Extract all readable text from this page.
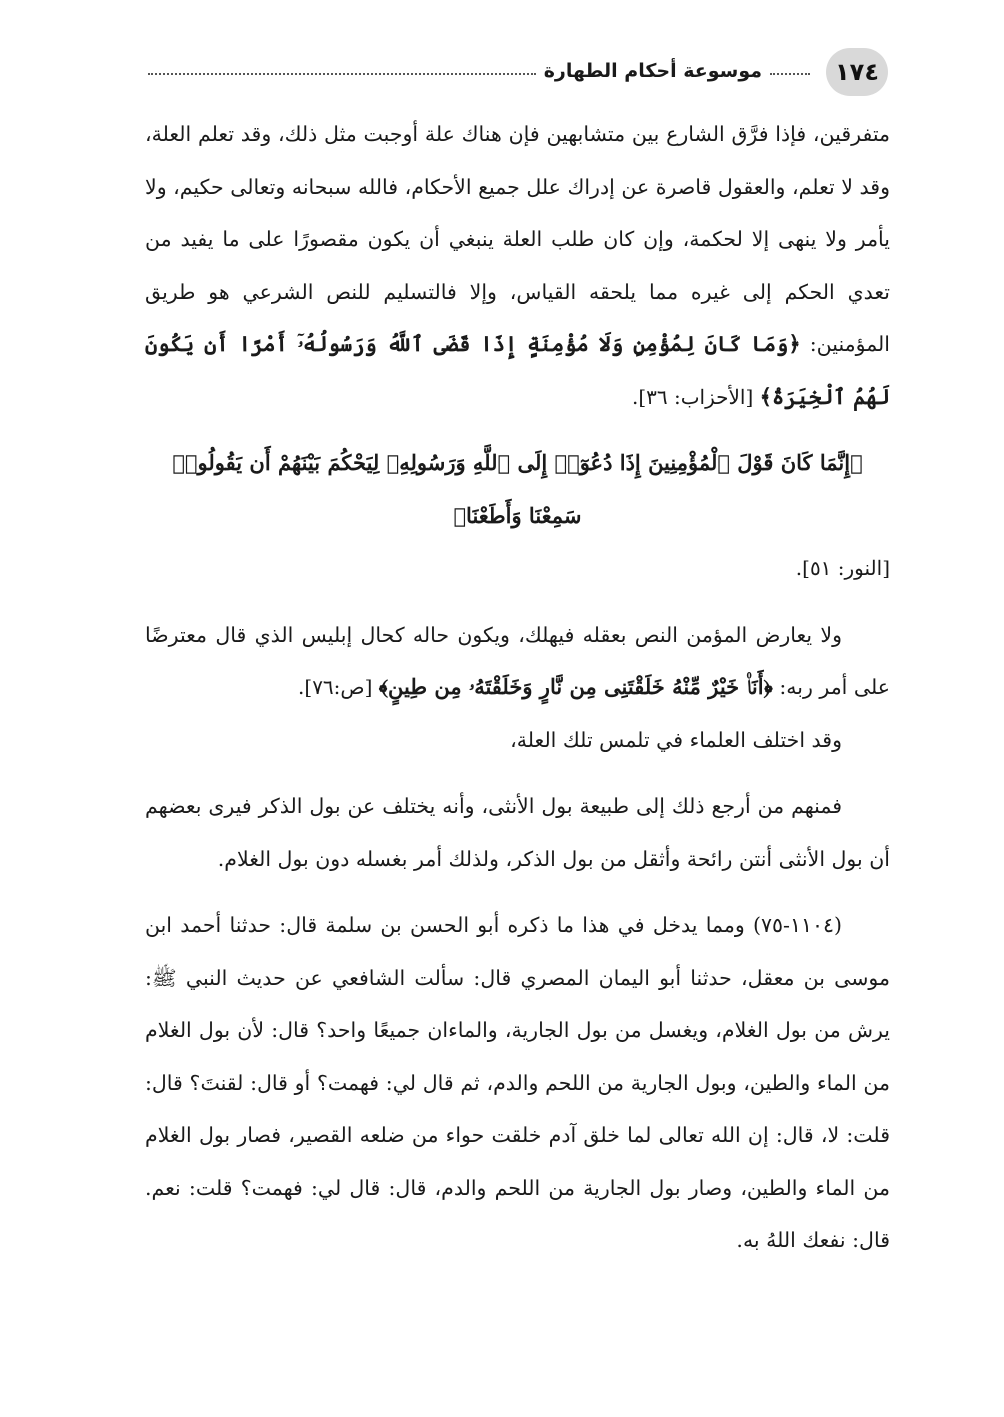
١٧٤
موسوعة أحكام الطهارة

متفرقين، فإذا فرَّق الشارع بين متشابهين فإن هناك علة أوجبت مثل ذلك، وقد تعلم العلة، وقد لا تعلم، والعقول قاصرة عن إدراك علل جميع الأحكام، فالله سبحانه وتعالى حكيم، ولا يأمر ولا ينهى إلا لحكمة، وإن كان طلب العلة ينبغي أن يكون مقصورًا على ما يفيد من تعدي الحكم إلى غيره مما يلحقه القياس، وإلا فالتسليم للنص الشرعي هو طريق المؤمنين: ﴿وَمَا كَانَ لِمُؤْمِنٍ وَلَا مُؤْمِنَةٍ إِذَا قَضَى ٱللَّهُ وَرَسُولُهُۥٓ أَمْرًا أَن يَكُونَ لَهُمُ ٱلْخِيَرَةُ﴾ [الأحزاب: ٣٦].

﴿إِنَّمَا كَانَ قَوْلَ ٱلْمُؤْمِنِينَ إِذَا دُعُوٓا۟ إِلَى ٱللَّهِ وَرَسُولِهِۦ لِيَحْكُمَ بَيْنَهُمْ أَن يَقُولُوا۟ سَمِعْنَا وَأَطَعْنَا﴾

[النور: ٥١].

ولا يعارض المؤمن النص بعقله فيهلك، ويكون حاله كحال إبليس الذي قال معترضًا على أمر ربه: ﴿أَنَا۠ خَيْرٌ مِّنْهُ خَلَقْتَنِى مِن نَّارٍ وَخَلَقْتَهُۥ مِن طِينٍ﴾ [ص:٧٦].

وقد اختلف العلماء في تلمس تلك العلة،

فمنهم من أرجع ذلك إلى طبيعة بول الأنثى، وأنه يختلف عن بول الذكر فيرى بعضهم أن بول الأنثى أنتن رائحة وأثقل من بول الذكر، ولذلك أمر بغسله دون بول الغلام.

(١١٠٤-٧٥) ومما يدخل في هذا ما ذكره أبو الحسن بن سلمة قال: حدثنا أحمد ابن موسى بن معقل، حدثنا أبو اليمان المصري قال: سألت الشافعي عن حديث النبي ﷺ: يرش من بول الغلام، ويغسل من بول الجارية، والماءان جميعًا واحد؟ قال: لأن بول الغلام من الماء والطين، وبول الجارية من اللحم والدم، ثم قال لي: فهمت؟ أو قال: لقنتَ؟ قال: قلت: لا، قال: إن الله تعالى لما خلق آدم خلقت حواء من ضلعه القصير، فصار بول الغلام من الماء والطين، وصار بول الجارية من اللحم والدم، قال: قال لي: فهمت؟ قلت: نعم. قال: نفعك اللهُ به.
